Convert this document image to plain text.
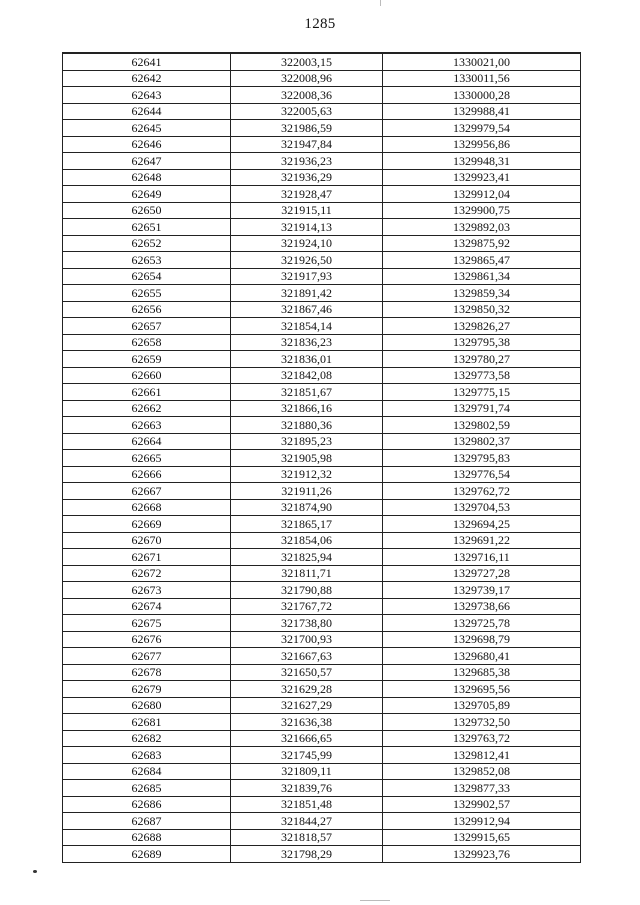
1285
62641	322003,15	1330021,00
62642	322008,96	1330011,56
62643	322008,36	1330000,28
62644	322005,63	1329988,41
62645	321986,59	1329979,54
62646	321947,84	1329956,86
62647	321936,23	1329948,31
62648	321936,29	1329923,41
62649	321928,47	1329912,04
62650	321915,11	1329900,75
62651	321914,13	1329892,03
62652	321924,10	1329875,92
62653	321926,50	1329865,47
62654	321917,93	1329861,34
62655	321891,42	1329859,34
62656	321867,46	1329850,32
62657	321854,14	1329826,27
62658	321836,23	1329795,38
62659	321836,01	1329780,27
62660	321842,08	1329773,58
62661	321851,67	1329775,15
62662	321866,16	1329791,74
62663	321880,36	1329802,59
62664	321895,23	1329802,37
62665	321905,98	1329795,83
62666	321912,32	1329776,54
62667	321911,26	1329762,72
62668	321874,90	1329704,53
62669	321865,17	1329694,25
62670	321854,06	1329691,22
62671	321825,94	1329716,11
62672	321811,71	1329727,28
62673	321790,88	1329739,17
62674	321767,72	1329738,66
62675	321738,80	1329725,78
62676	321700,93	1329698,79
62677	321667,63	1329680,41
62678	321650,57	1329685,38
62679	321629,28	1329695,56
62680	321627,29	1329705,89
62681	321636,38	1329732,50
62682	321666,65	1329763,72
62683	321745,99	1329812,41
62684	321809,11	1329852,08
62685	321839,76	1329877,33
62686	321851,48	1329902,57
62687	321844,27	1329912,94
62688	321818,57	1329915,65
62689	321798,29	1329923,76
